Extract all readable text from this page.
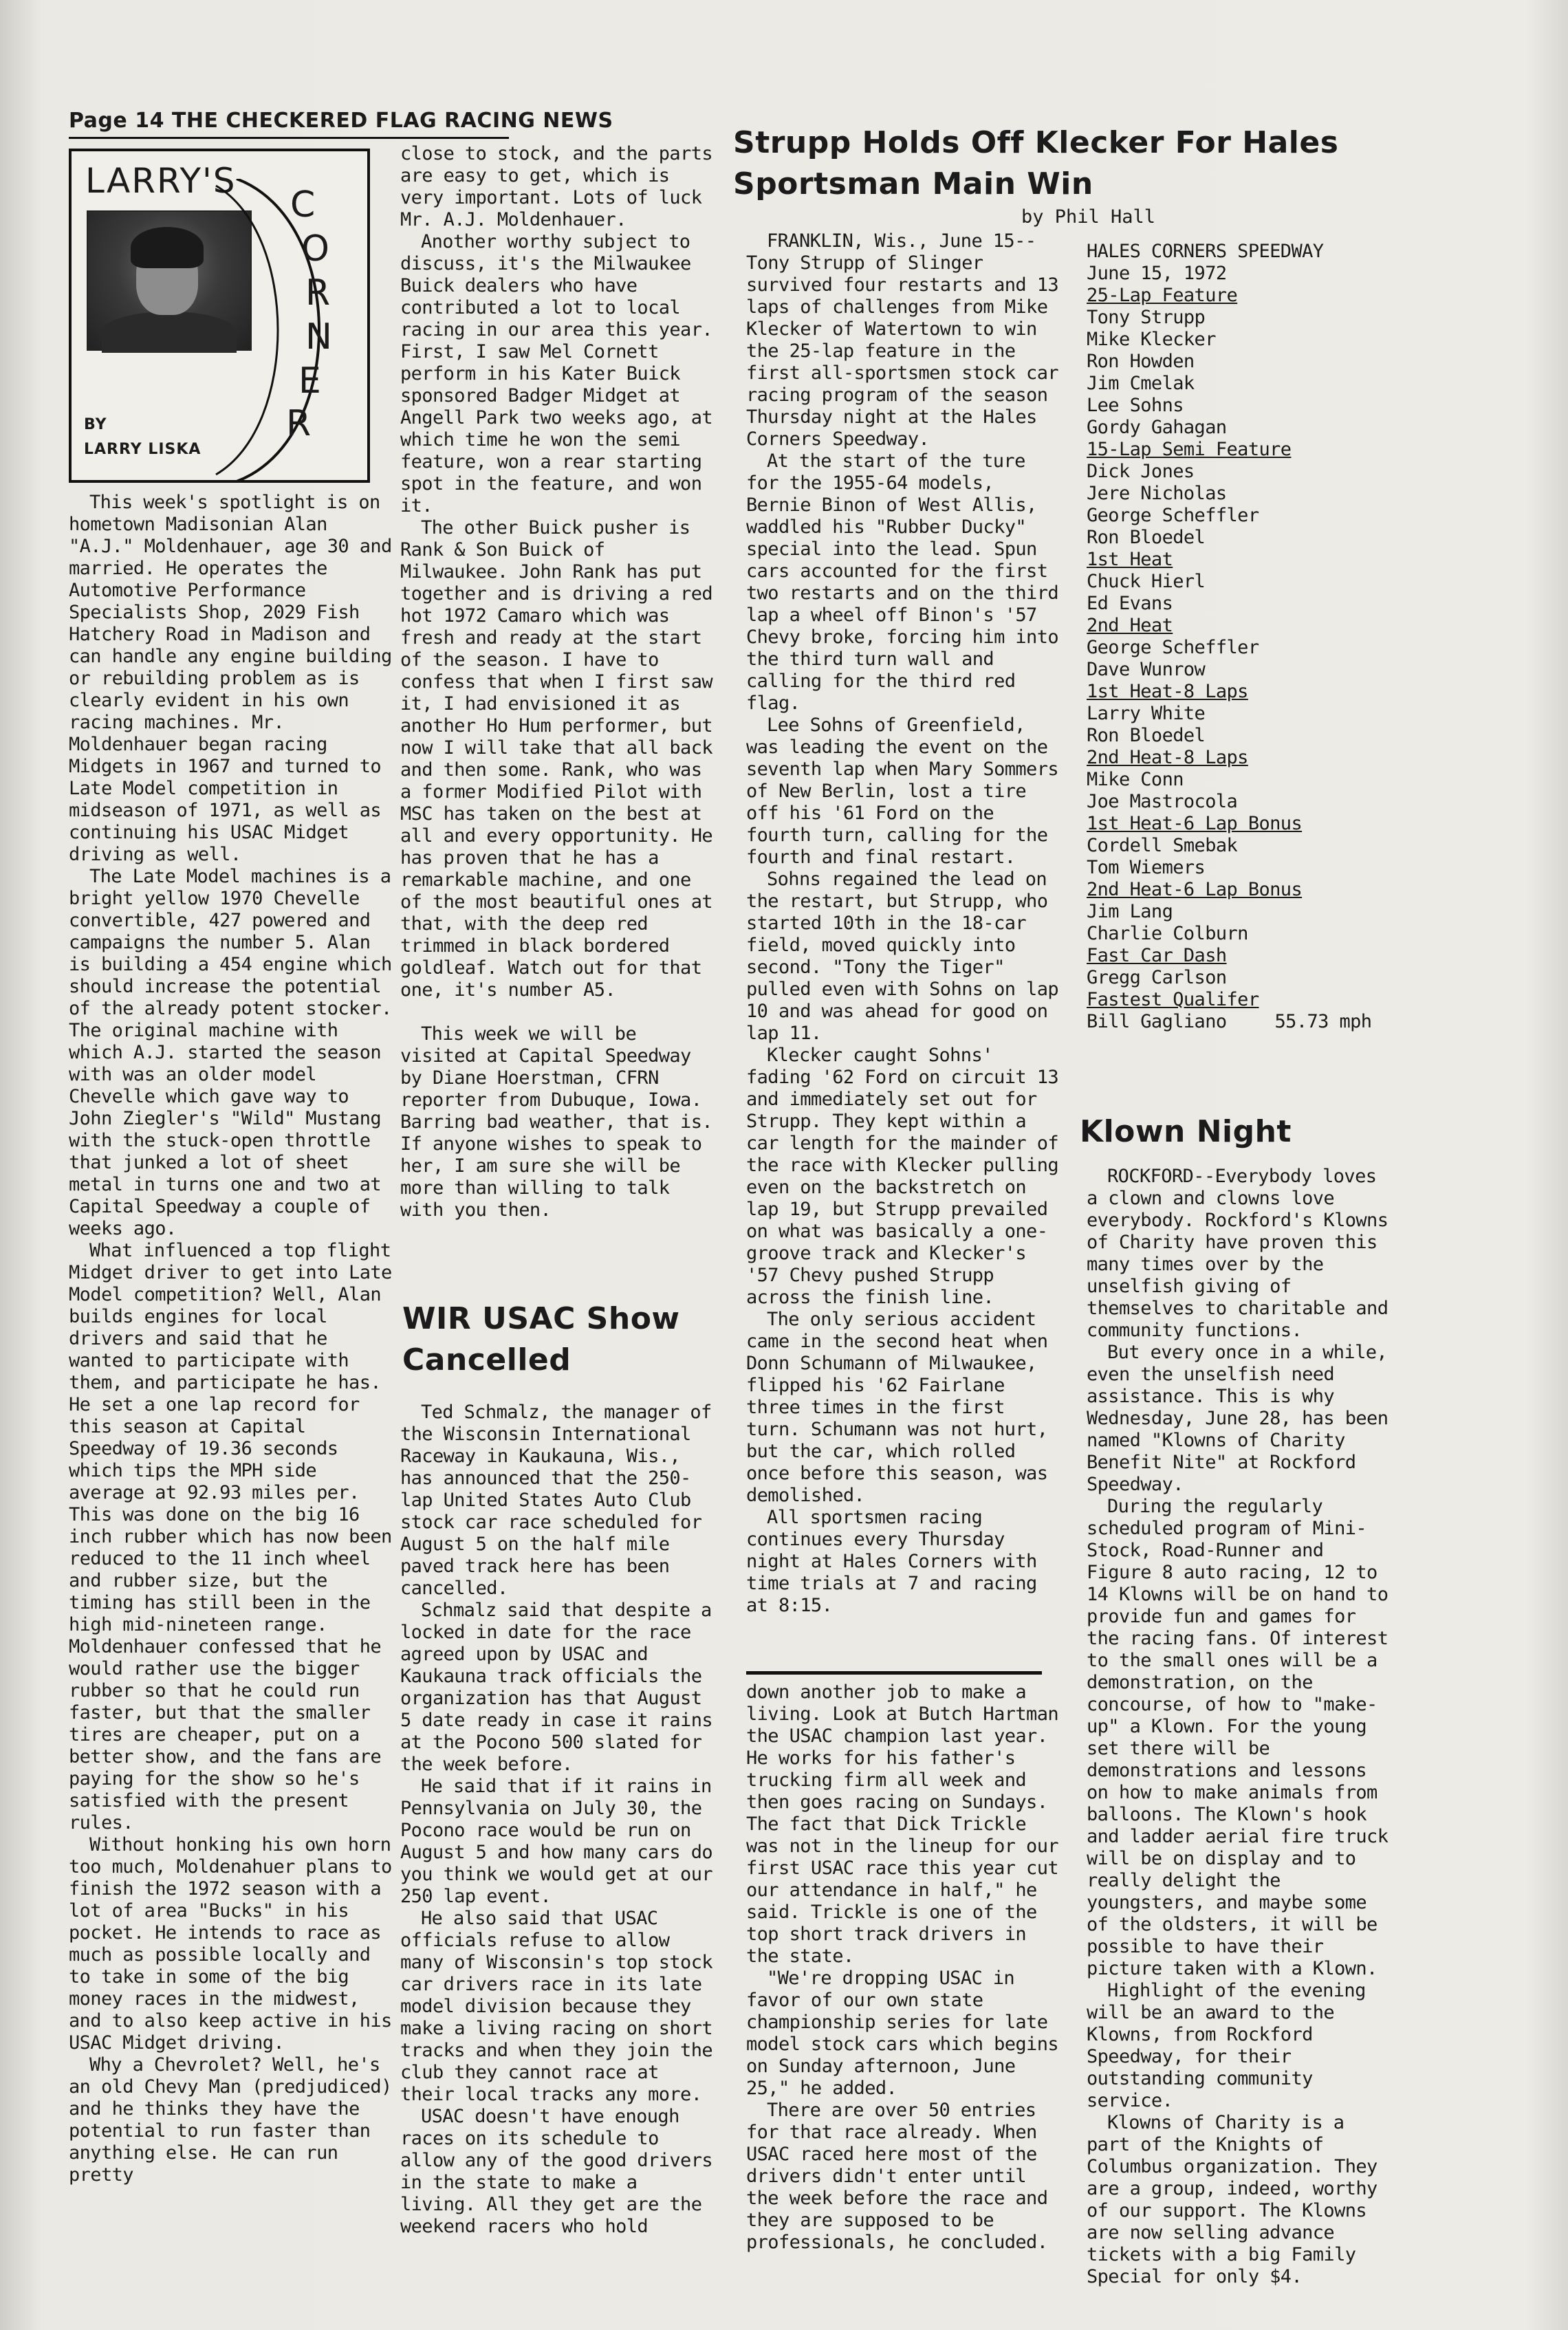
Page 14 THE CHECKERED FLAG RACING NEWS
LARRY'S
C
O
R
N
E
R
BY
LARRY LISKA

This week's spotlight is on hometown Madisonian Alan "A.J." Moldenhauer, age 30 and married. He operates the Automotive Performance Specialists Shop, 2029 Fish Hatchery Road in Madison and can handle any engine building or rebuilding problem as is clearly evident in his own racing machines. Mr. Moldenhauer began racing Midgets in 1967 and turned to Late Model competition in midseason of 1971, as well as continuing his USAC Midget driving as well.

The Late Model machines is a bright yellow 1970 Chevelle convertible, 427 powered and campaigns the number 5. Alan is building a 454 engine which should increase the potential of the already potent stocker. The original machine with which A.J. started the season with was an older model Chevelle which gave way to John Ziegler's "Wild" Mustang with the stuck-open throttle that junked a lot of sheet metal in turns one and two at Capital Speedway a couple of weeks ago.

What influenced a top flight Midget driver to get into Late Model competition? Well, Alan builds engines for local drivers and said that he wanted to participate with them, and participate he has. He set a one lap record for this season at Capital Speedway of 19.36 seconds which tips the MPH side average at 92.93 miles per. This was done on the big 16 inch rubber which has now been reduced to the 11 inch wheel and rubber size, but the timing has still been in the high mid-nineteen range. Moldenhauer confessed that he would rather use the bigger rubber so that he could run faster, but that the smaller tires are cheaper, put on a better show, and the fans are paying for the show so he's satisfied with the present rules.

Without honking his own horn too much, Moldenahuer plans to finish the 1972 season with a lot of area "Bucks" in his pocket. He intends to race as much as possible locally and to take in some of the big money races in the midwest, and to also keep active in his USAC Midget driving.

Why a Chevrolet? Well, he's an old Chevy Man (predjudiced) and he thinks they have the potential to run faster than anything else. He can run pretty

close to stock, and the parts are easy to get, which is very important. Lots of luck Mr. A.J. Moldenhauer.

Another worthy subject to discuss, it's the Milwaukee Buick dealers who have contributed a lot to local racing in our area this year. First, I saw Mel Cornett perform in his Kater Buick sponsored Badger Midget at Angell Park two weeks ago, at which time he won the semi feature, won a rear starting spot in the feature, and won it.

The other Buick pusher is Rank & Son Buick of Milwaukee. John Rank has put together and is driving a red hot 1972 Camaro which was fresh and ready at the start of the season. I have to confess that when I first saw it, I had envisioned it as another Ho Hum performer, but now I will take that all back and then some. Rank, who was a former Modified Pilot with MSC has taken on the best at all and every opportunity. He has proven that he has a remarkable machine, and one of the most beautiful ones at that, with the deep red trimmed in black bordered goldleaf. Watch out for that one, it's number A5.

This week we will be visited at Capital Speedway by Diane Hoerstman, CFRN reporter from Dubuque, Iowa. Barring bad weather, that is. If anyone wishes to speak to her, I am sure she will be more than willing to talk with you then.

WIR USAC Show
Cancelled

Ted Schmalz, the manager of the Wisconsin International Raceway in Kaukauna, Wis., has announced that the 250-lap United States Auto Club stock car race scheduled for August 5 on the half mile paved track here has been cancelled.

Schmalz said that despite a locked in date for the race agreed upon by USAC and Kaukauna track officials the organization has that August 5 date ready in case it rains at the Pocono 500 slated for the week before.

He said that if it rains in Pennsylvania on July 30, the Pocono race would be run on August 5 and how many cars do you think we would get at our 250 lap event.

He also said that USAC officials refuse to allow many of Wisconsin's top stock car drivers race in its late model division because they make a living racing on short tracks and when they join the club they cannot race at their local tracks any more.

USAC doesn't have enough races on its schedule to allow any of the good drivers in the state to make a living. All they get are the weekend racers who hold

Strupp Holds Off Klecker For Hales
Sportsman Main Win
by Phil Hall

FRANKLIN, Wis., June 15--Tony Strupp of Slinger survived four restarts and 13 laps of challenges from Mike Klecker of Watertown to win the 25-lap feature in the first all-sportsmen stock car racing program of the season Thursday night at the Hales Corners Speedway.

At the start of the ture for the 1955-64 models, Bernie Binon of West Allis, waddled his "Rubber Ducky" special into the lead. Spun cars accounted for the first two restarts and on the third lap a wheel off Binon's '57 Chevy broke, forcing him into the third turn wall and calling for the third red flag.

Lee Sohns of Greenfield, was leading the event on the seventh lap when Mary Sommers of New Berlin, lost a tire off his '61 Ford on the fourth turn, calling for the fourth and final restart.

Sohns regained the lead on the restart, but Strupp, who started 10th in the 18-car field, moved quickly into second. "Tony the Tiger" pulled even with Sohns on lap 10 and was ahead for good on lap 11.

Klecker caught Sohns' fading '62 Ford on circuit 13 and immediately set out for Strupp. They kept within a car length for the mainder of the race with Klecker pulling even on the backstretch on lap 19, but Strupp prevailed on what was basically a one-groove track and Klecker's '57 Chevy pushed Strupp across the finish line.

The only serious accident came in the second heat when Donn Schumann of Milwaukee, flipped his '62 Fairlane three times in the first turn. Schumann was not hurt, but the car, which rolled once before this season, was demolished.

All sportsmen racing continues every Thursday night at Hales Corners with time trials at 7 and racing at 8:15.

down another job to make a living. Look at Butch Hartman the USAC champion last year. He works for his father's trucking firm all week and then goes racing on Sundays. The fact that Dick Trickle was not in the lineup for our first USAC race this year cut our attendance in half," he said. Trickle is one of the top short track drivers in the state.

"We're dropping USAC in favor of our own state championship series for late model stock cars which begins on Sunday afternoon, June 25," he added.

There are over 50 entries for that race already. When USAC raced here most of the drivers didn't enter until the week before the race and they are supposed to be professionals, he concluded.

HALES CORNERS SPEEDWAY
June 15, 1972
25-Lap Feature
Tony Strupp
Mike Klecker
Ron Howden
Jim Cmelak
Lee Sohns
Gordy Gahagan
15-Lap Semi Feature
Dick Jones
Jere Nicholas
George Scheffler
Ron Bloedel
1st Heat
Chuck Hierl
Ed Evans
2nd Heat
George Scheffler
Dave Wunrow
1st Heat-8 Laps
Larry White
Ron Bloedel
2nd Heat-8 Laps
Mike Conn
Joe Mastrocola
1st Heat-6 Lap Bonus
Cordell Smebak
Tom Wiemers
2nd Heat-6 Lap Bonus
Jim Lang
Charlie Colburn
Fast Car Dash
Gregg Carlson
Fastest Qualifer
Bill Gagliano	55.73 mph
Klown Night

ROCKFORD--Everybody loves a clown and clowns love everybody. Rockford's Klowns of Charity have proven this many times over by the unselfish giving of themselves to charitable and community functions.

But every once in a while, even the unselfish need assistance. This is why Wednesday, June 28, has been named "Klowns of Charity Benefit Nite" at Rockford Speedway.

During the regularly scheduled program of Mini-Stock, Road-Runner and Figure 8 auto racing, 12 to 14 Klowns will be on hand to provide fun and games for the racing fans. Of interest to the small ones will be a demonstration, on the concourse, of how to "make-up" a Klown. For the young set there will be demonstrations and lessons on how to make animals from balloons. The Klown's hook and ladder aerial fire truck will be on display and to really delight the youngsters, and maybe some of the oldsters, it will be possible to have their picture taken with a Klown.

Highlight of the evening will be an award to the Klowns, from Rockford Speedway, for their outstanding community service.

Klowns of Charity is a part of the Knights of Columbus organization. They are a group, indeed, worthy of our support. The Klowns are now selling advance tickets with a big Family Special for only $4.
